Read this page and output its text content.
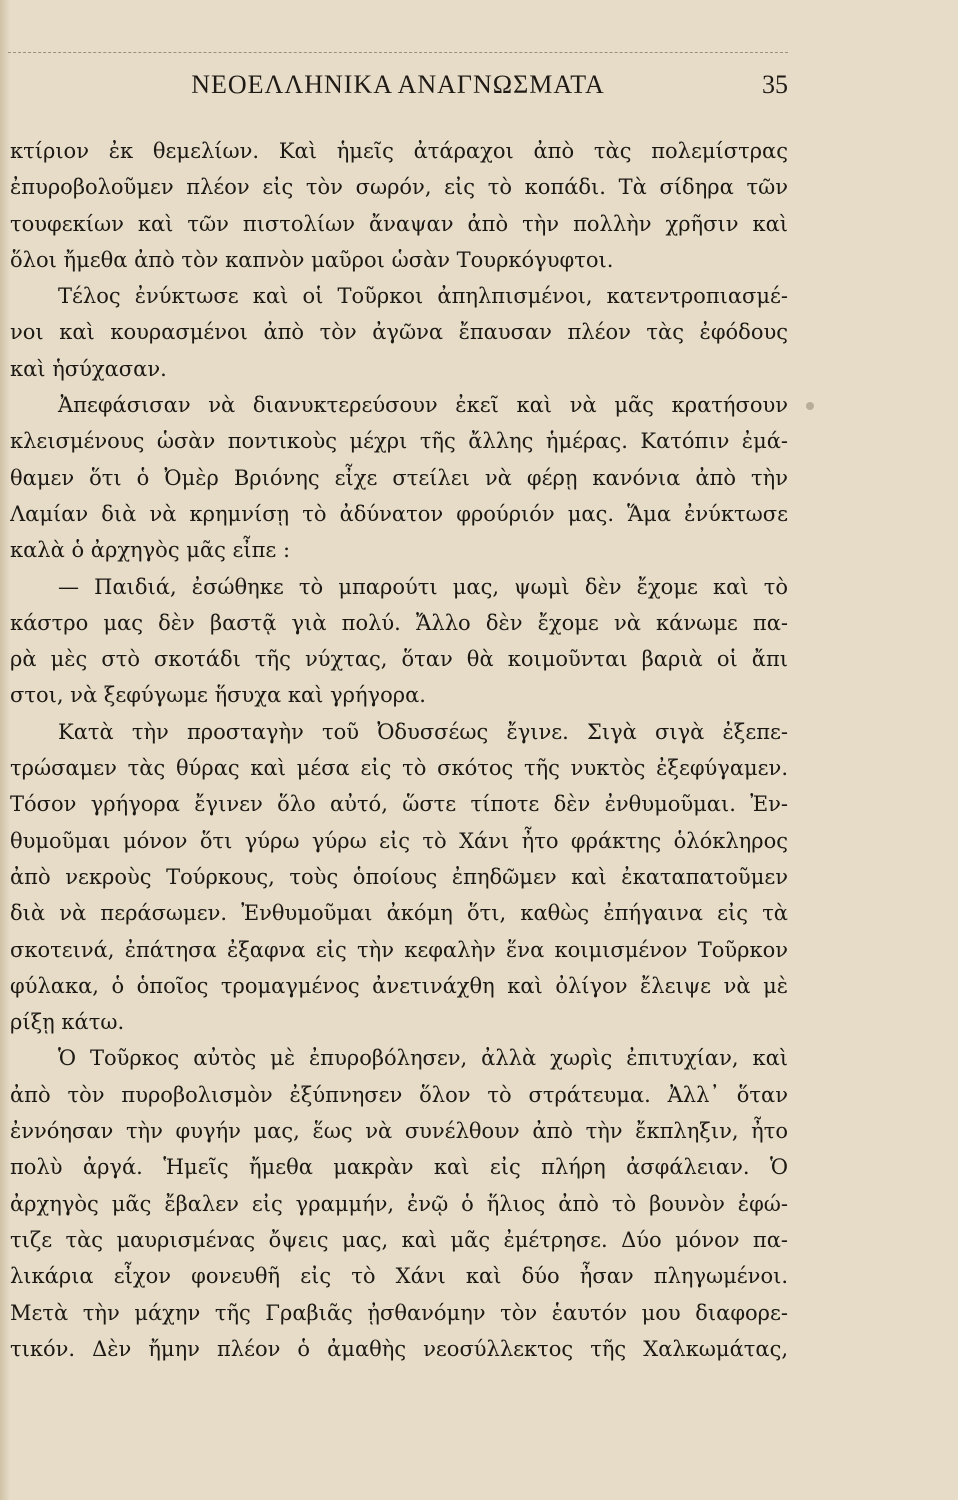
ΝΕΟΕΛΛΗΝΙΚΑ ΑΝΑΓΝΩΣΜΑΤΑ	35
κτίριον ἐκ θεμελίων. Καὶ ἡμεῖς ἀτάραχοι ἀπὸ τὰς πολεμίστρας
ἐπυροβολοῦμεν πλέον εἰς τὸν σωρόν, εἰς τὸ κοπάδι. Τὰ σίδηρα τῶν
τουφεκίων καὶ τῶν πιστολίων ἄναψαν ἀπὸ τὴν πολλὴν χρῆσιν καὶ
ὅλοι ἤμεθα ἀπὸ τὸν καπνὸν μαῦροι ὡσὰν Τουρκόγυφτοι.
Τέλος ἐνύκτωσε καὶ οἱ Τοῦρκοι ἀπηλπισμένοι, κατεντροπιασμέ-
νοι καὶ κουρασμένοι ἀπὸ τὸν ἀγῶνα ἔπαυσαν πλέον τὰς ἐφόδους
καὶ ἡσύχασαν.
Ἀπεφάσισαν νὰ διανυκτερεύσουν ἐκεῖ καὶ νὰ μᾶς κρατήσουν
κλεισμένους ὡσὰν ποντικοὺς μέχρι τῆς ἄλλης ἡμέρας. Κατόπιν ἐμά-
θαμεν ὅτι ὁ Ὀμὲρ Βριόνης εἶχε στείλει νὰ φέρῃ κανόνια ἀπὸ τὴν
Λαμίαν διὰ νὰ κρημνίσῃ τὸ ἀδύνατον φρούριόν μας. Ἅμα ἐνύκτωσε
καλὰ ὁ ἀρχηγὸς μᾶς εἶπε :
— Παιδιά, ἐσώθηκε τὸ μπαρούτι μας, ψωμὶ δὲν ἔχομε καὶ τὸ
κάστρο μας δὲν βαστᾷ γιὰ πολύ. Ἄλλο δὲν ἔχομε νὰ κάνωμε πα-
ρὰ μὲς στὸ σκοτάδι τῆς νύχτας, ὅταν θὰ κοιμοῦνται βαριὰ οἱ ἄπι
στοι, νὰ ξεφύγωμε ἥσυχα καὶ γρήγορα.
Κατὰ τὴν προσταγὴν τοῦ Ὀδυσσέως ἔγινε. Σιγὰ σιγὰ ἐξεπε-
τρώσαμεν τὰς θύρας καὶ μέσα εἰς τὸ σκότος τῆς νυκτὸς ἐξεφύγαμεν.
Τόσον γρήγορα ἔγινεν ὅλο αὐτό, ὥστε τίποτε δὲν ἐνθυμοῦμαι. Ἐν-
θυμοῦμαι μόνον ὅτι γύρω γύρω εἰς τὸ Χάνι ἦτο φράκτης ὁλόκληρος
ἀπὸ νεκροὺς Τούρκους, τοὺς ὁποίους ἐπηδῶμεν καὶ ἐκαταπατοῦμεν
διὰ νὰ περάσωμεν. Ἐνθυμοῦμαι ἀκόμη ὅτι, καθὼς ἐπήγαινα εἰς τὰ
σκοτεινά, ἐπάτησα ἐξαφνα εἰς τὴν κεφαλὴν ἕνα κοιμισμένον Τοῦρκον
φύλακα, ὁ ὁποῖος τρομαγμένος ἀνετινάχθη καὶ ὀλίγον ἔλειψε νὰ μὲ
ρίξῃ κάτω.
Ὁ Τοῦρκος αὐτὸς μὲ ἐπυροβόλησεν, ἀλλὰ χωρὶς ἐπιτυχίαν, καὶ
ἀπὸ τὸν πυροβολισμὸν ἐξύπνησεν ὅλον τὸ στράτευμα. Ἀλλ᾿ ὅταν
ἐννόησαν τὴν φυγήν μας, ἕως νὰ συνέλθουν ἀπὸ τὴν ἔκπληξιν, ἦτο
πολὺ ἀργά. Ἡμεῖς ἤμεθα μακρὰν καὶ εἰς πλήρη ἀσφάλειαν. Ὁ
ἀρχηγὸς μᾶς ἔβαλεν εἰς γραμμήν, ἐνῷ ὁ ἥλιος ἀπὸ τὸ βουνὸν ἐφώ-
τιζε τὰς μαυρισμένας ὄψεις μας, καὶ μᾶς ἐμέτρησε. Δύο μόνον πα-
λικάρια εἶχον φονευθῆ εἰς τὸ Χάνι καὶ δύο ἦσαν πληγωμένοι.
Μετὰ τὴν μάχην τῆς Γραβιᾶς ᾐσθανόμην τὸν ἑαυτόν μου διαφορε-
τικόν. Δὲν ἤμην πλέον ὁ ἀμαθὴς νεοσύλλεκτος τῆς Χαλκωμάτας,
